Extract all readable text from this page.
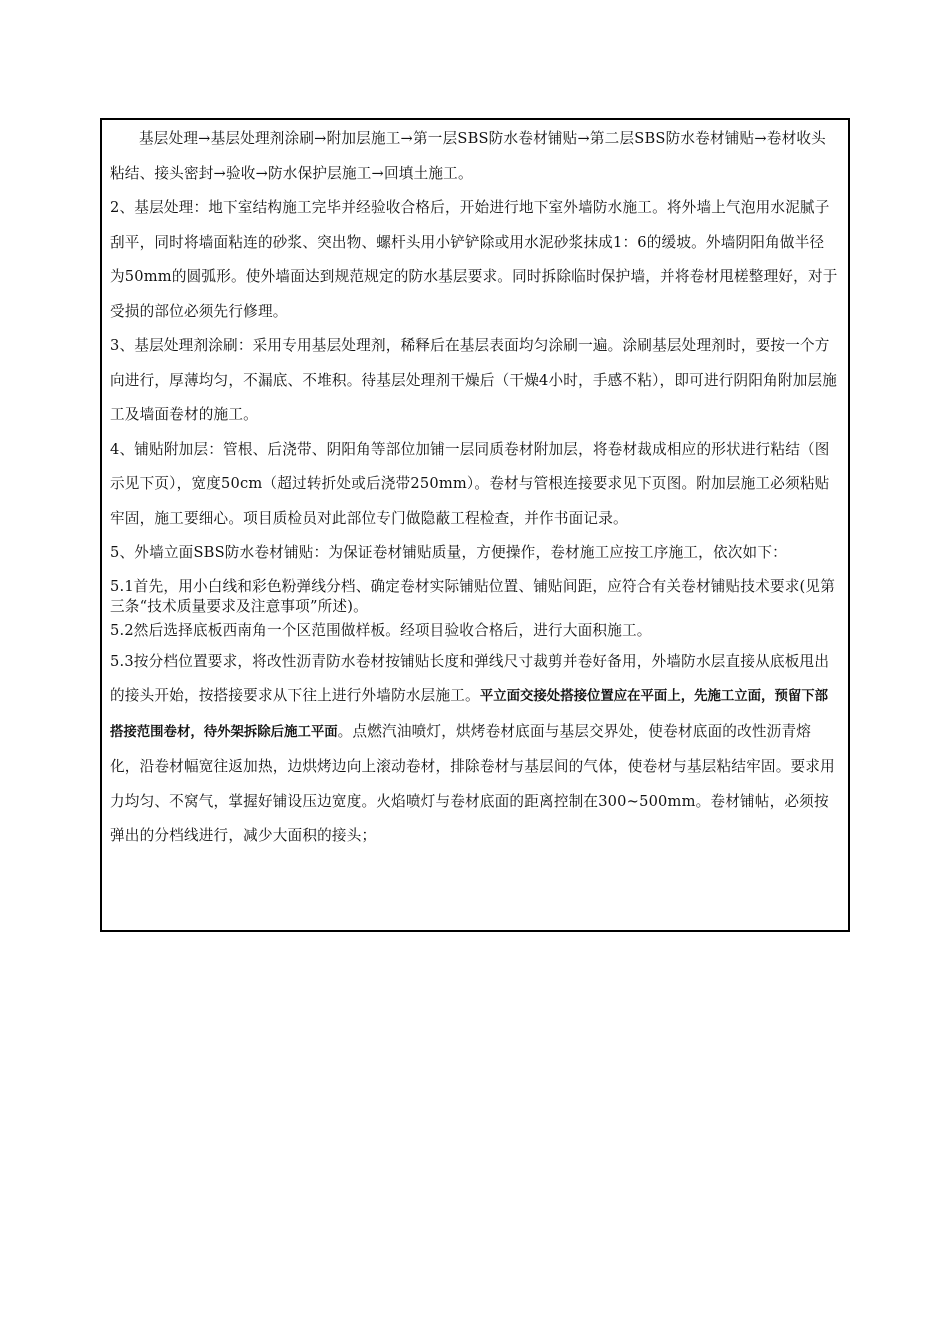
基层处理→基层处理剂涂刷→附加层施工→第一层SBS防水卷材铺贴→第二层SBS防水卷材铺贴→卷材收头粘结、接头密封→验收→防水保护层施工→回填土施工。

2、基层处理：地下室结构施工完毕并经验收合格后，开始进行地下室外墙防水施工。将外墙上气泡用水泥腻子刮平，同时将墙面粘连的砂浆、突出物、螺杆头用小铲铲除或用水泥砂浆抹成1：6的缓坡。外墙阴阳角做半径为50mm的圆弧形。使外墙面达到规范规定的防水基层要求。同时拆除临时保护墙，并将卷材甩槎整理好，对于受损的部位必须先行修理。

3、基层处理剂涂刷：采用专用基层处理剂，稀释后在基层表面均匀涂刷一遍。涂刷基层处理剂时，要按一个方向进行，厚薄均匀，不漏底、不堆积。待基层处理剂干燥后（干燥4小时，手感不粘），即可进行阴阳角附加层施工及墙面卷材的施工。

4、铺贴附加层：管根、后浇带、阴阳角等部位加铺一层同质卷材附加层，将卷材裁成相应的形状进行粘结（图示见下页），宽度50cm（超过转折处或后浇带250mm）。卷材与管根连接要求见下页图。附加层施工必须粘贴牢固，施工要细心。项目质检员对此部位专门做隐蔽工程检查，并作书面记录。

5、外墙立面SBS防水卷材铺贴：为保证卷材铺贴质量，方便操作，卷材施工应按工序施工，依次如下：

5.1首先，用小白线和彩色粉弹线分档、确定卷材实际铺贴位置、铺贴间距，应符合有关卷材铺贴技术要求(见第三条“技术质量要求及注意事项”所述)。

5.2然后选择底板西南角一个区范围做样板。经项目验收合格后，进行大面积施工。

5.3按分档位置要求，将改性沥青防水卷材按铺贴长度和弹线尺寸裁剪并卷好备用，外墙防水层直接从底板甩出的接头开始，按搭接要求从下往上进行外墙防水层施工。平立面交接处搭接位置应在平面上，先施工立面，预留下部搭接范围卷材，待外架拆除后施工平面。点燃汽油喷灯，烘烤卷材底面与基层交界处，使卷材底面的改性沥青熔化，沿卷材幅宽往返加热，边烘烤边向上滚动卷材，排除卷材与基层间的气体，使卷材与基层粘结牢固。要求用力均匀、不窝气，掌握好铺设压边宽度。火焰喷灯与卷材底面的距离控制在300~500mm。卷材铺帖，必须按弹出的分档线进行，减少大面积的接头；
